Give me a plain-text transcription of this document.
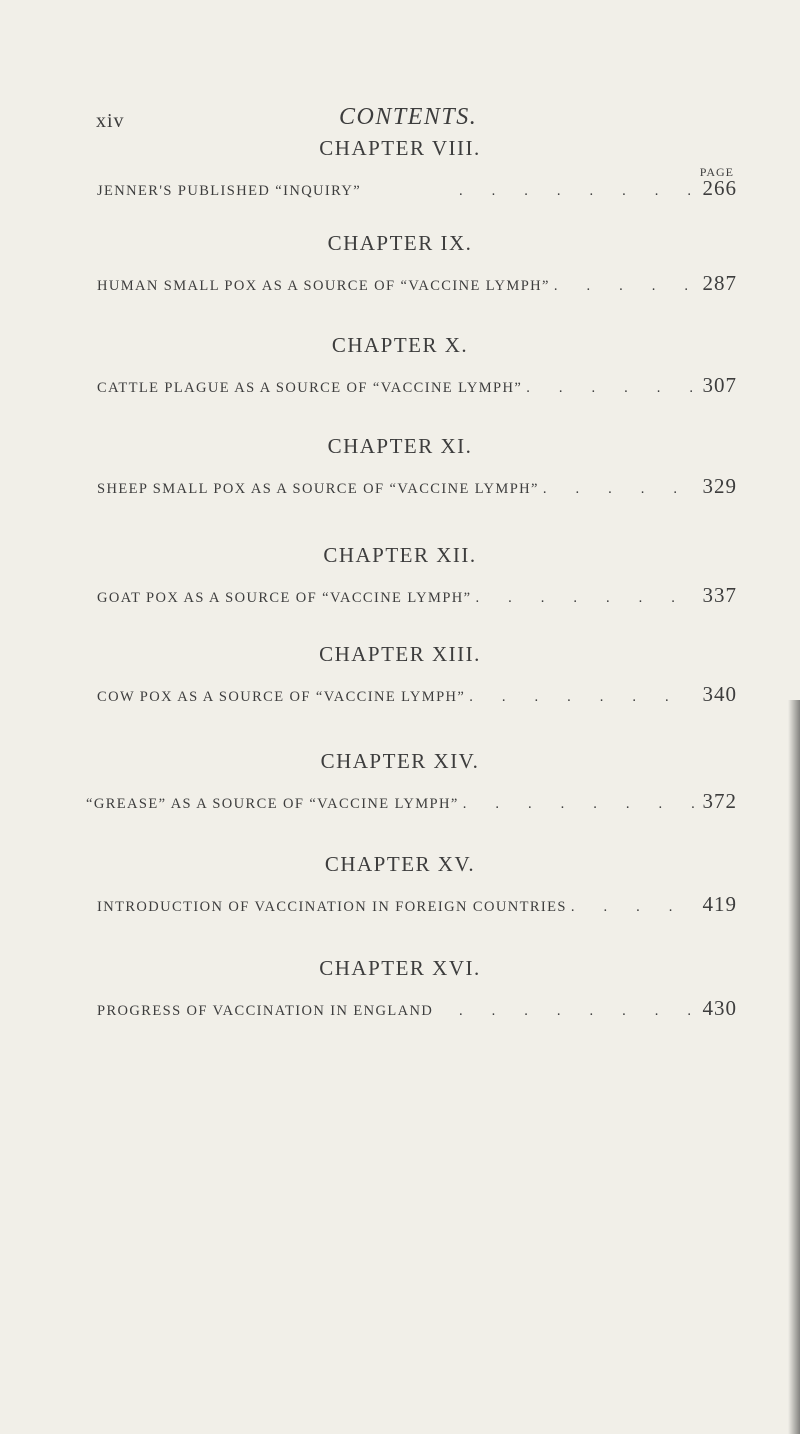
xiv	CONTENTS.
PAGE
CHAPTER VIII.
JENNER'S PUBLISHED “INQUIRY” .	266
CHAPTER IX.
HUMAN SMALL POX AS A SOURCE OF “VACCINE LYMPH” .	287
CHAPTER X.
CATTLE PLAGUE AS A SOURCE OF “VACCINE LYMPH” .	307
CHAPTER XI.
SHEEP SMALL POX AS A SOURCE OF “VACCINE LYMPH” .	329
CHAPTER XII.
GOAT POX AS A SOURCE OF “VACCINE LYMPH” .	337
CHAPTER XIII.
COW POX AS A SOURCE OF “VACCINE LYMPH” .	340
CHAPTER XIV.
“GREASE” AS A SOURCE OF “VACCINE LYMPH” .	372
CHAPTER XV.
INTRODUCTION OF VACCINATION IN FOREIGN COUNTRIES .	419
CHAPTER XVI.
PROGRESS OF VACCINATION IN ENGLAND .	430
